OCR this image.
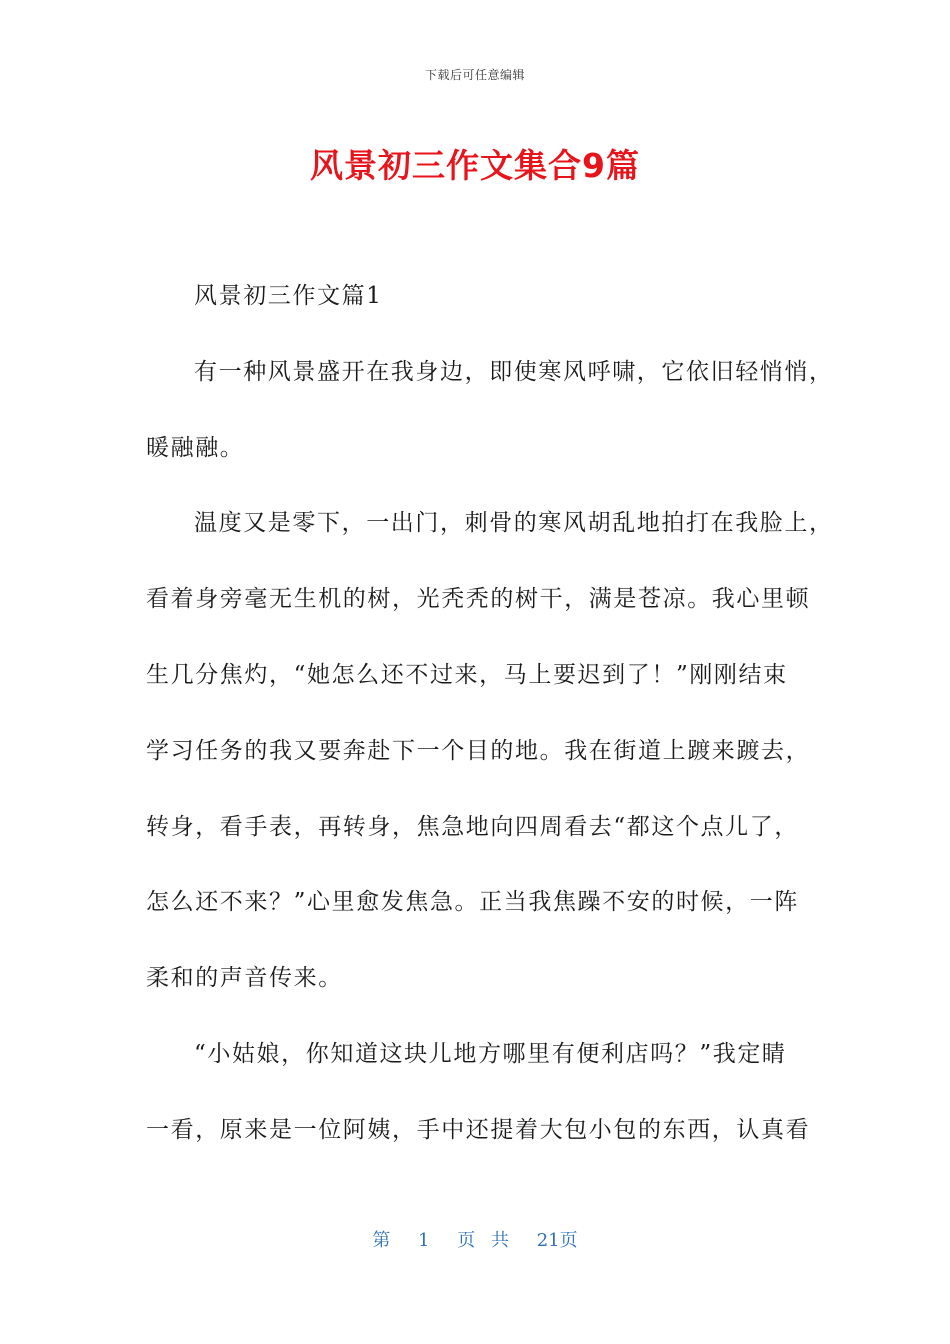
下载后可任意编辑
风景初三作文集合9篇
风景初三作文篇1
有一种风景盛开在我身边，即使寒风呼啸，它依旧轻悄悄，
暖融融。
温度又是零下，一出门，刺骨的寒风胡乱地拍打在我脸上，
看着身旁毫无生机的树，光秃秃的树干，满是苍凉。我心里顿
生几分焦灼，“她怎么还不过来，马上要迟到了！”刚刚结束
学习任务的我又要奔赴下一个目的地。我在街道上踱来踱去，
转身，看手表，再转身，焦急地向四周看去“都这个点儿了，
怎么还不来？”心里愈发焦急。正当我焦躁不安的时候，一阵
柔和的声音传来。
“小姑娘，你知道这块儿地方哪里有便利店吗？”我定睛
一看，原来是一位阿姨，手中还提着大包小包的东西，认真看
第 1 页 共 21页
